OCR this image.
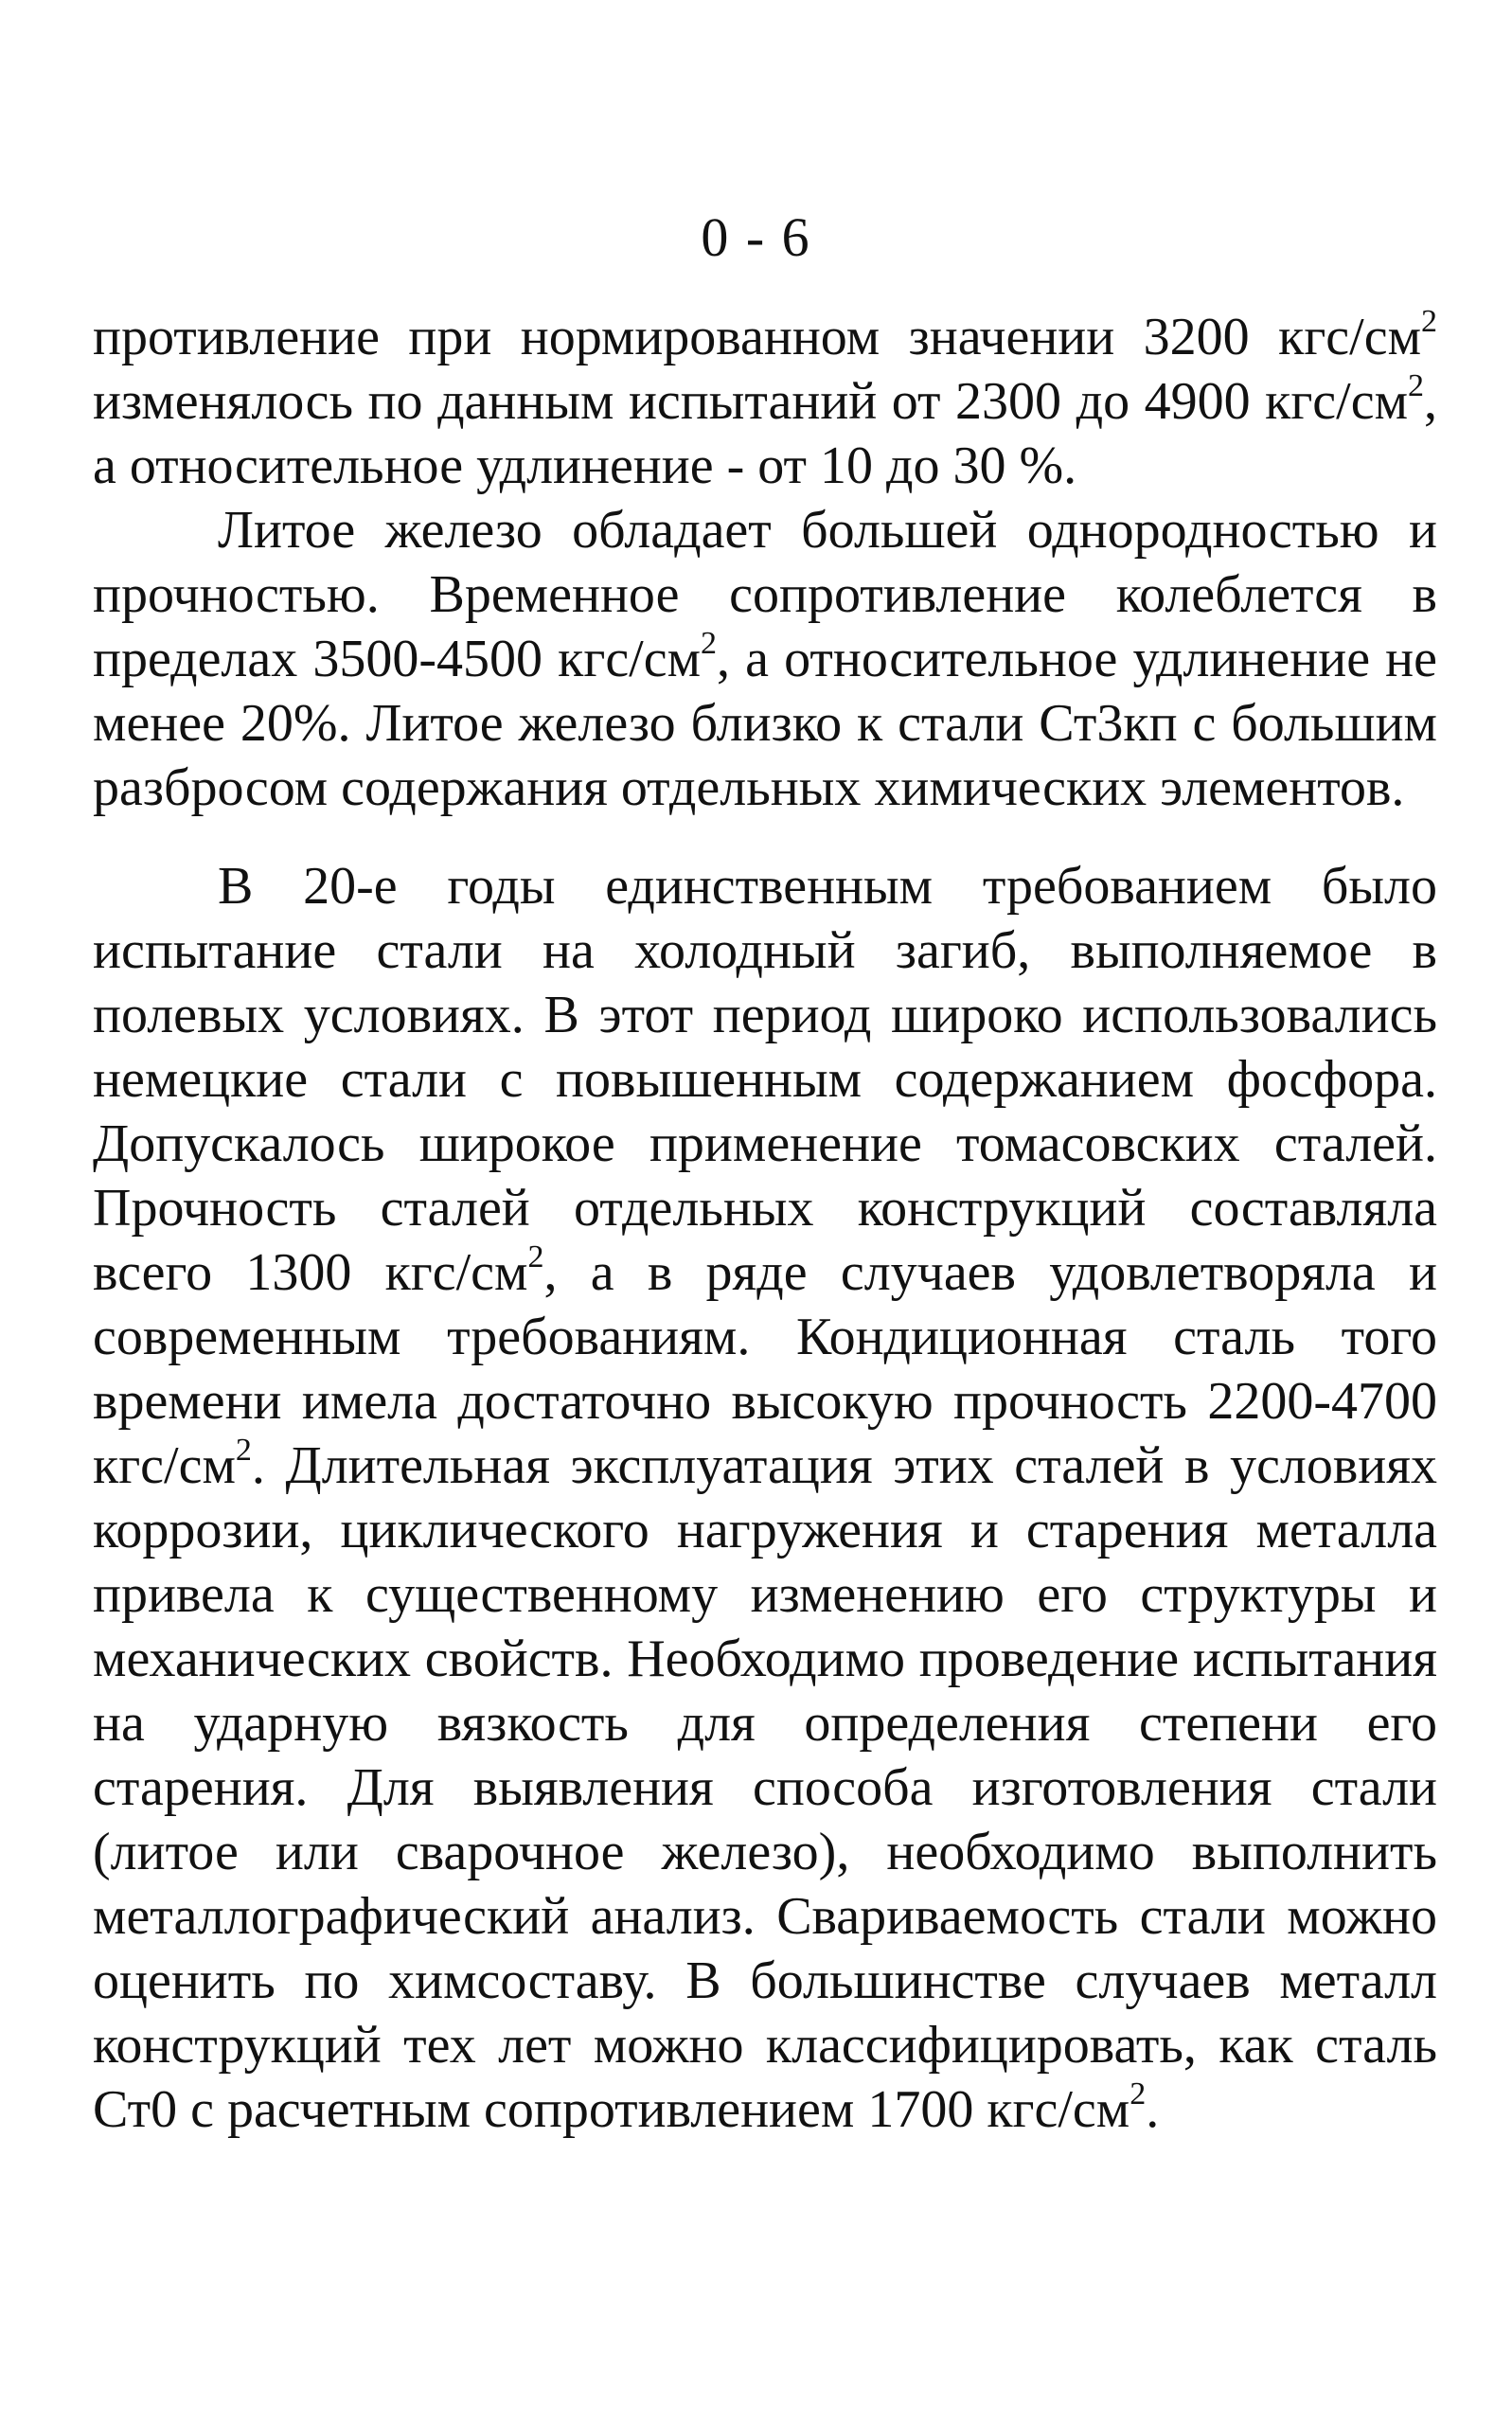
0 - 6

противление при нормированном значении 3200 кгс/$см^2$ изменялось по данным испытаний от 2300 до 4900 кгс/$см^2$, а относительное удлинение - от 10 до 30 %.

Литое железо обладает большей однородностью и прочностью. Временное сопротивление колеблется в пределах 3500-4500 кгс/$см^2$, а относительное удлинение не менее 20%. Литое железо близко к стали Ст3кп с большим разбросом содержания отдельных химических элементов.

В 20-е годы единственным требованием было испытание стали на холодный загиб, выполняемое в полевых условиях. В этот период широко использовались немецкие стали с повышенным содержанием фосфора. Допускалось широкое применение томасовских сталей. Прочность сталей отдельных конструкций составляла всего 1300 кгс/$см^2$, а в ряде случаев удовлетворяла и современным требованиям. Кондиционная сталь того времени имела достаточно высокую прочность 2200-4700 кгс/$см^2$. Длительная эксплуатация этих сталей в условиях коррозии, циклического нагружения и старения металла привела к существенному изменению его структуры и механических свойств. Необходимо проведение испытания на ударную вязкость для определения степени его старения. Для выявления способа изготовления стали (литое или сварочное железо), необходимо выполнить металлографический анализ. Свариваемость стали можно оценить по химсоставу. В большинстве случаев металл конструкций тех лет можно классифицировать, как сталь Ст0 с расчетным сопротивлением 1700 кгс/$см^2$.
